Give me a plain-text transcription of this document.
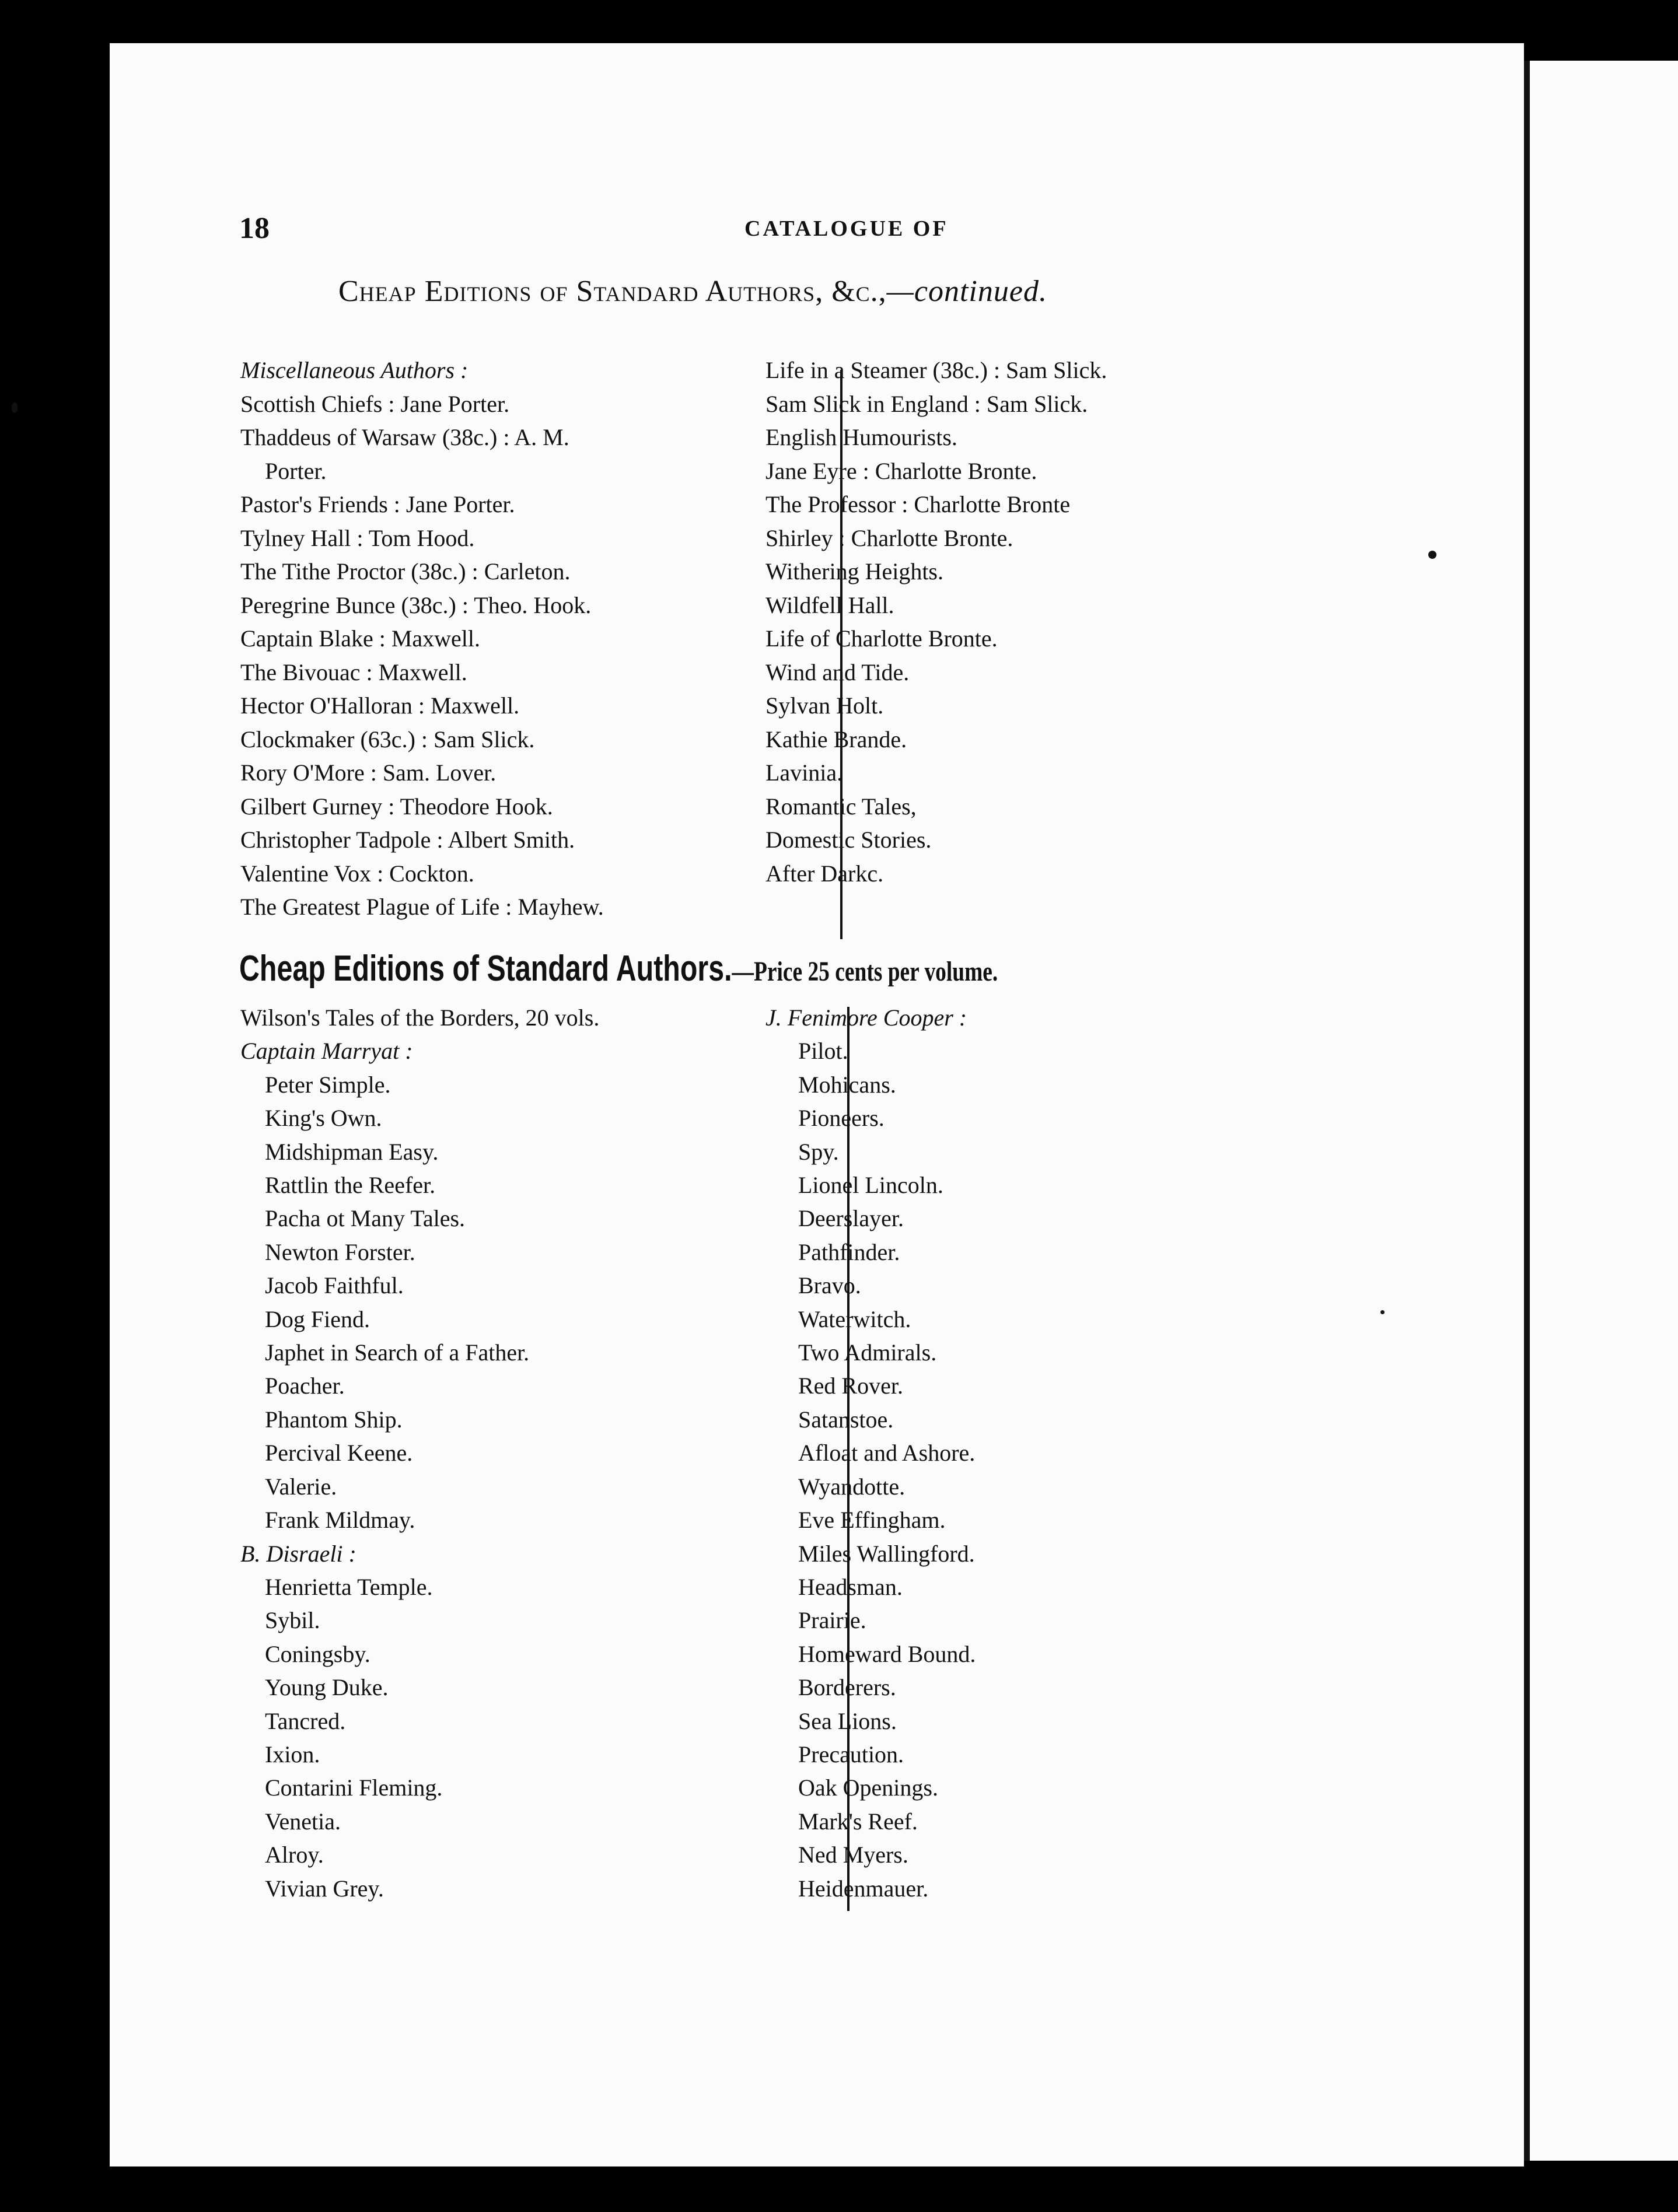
18	CATALOGUE OF
Cheap Editions of Standard Authors, &c.,—continued.
Miscellaneous Authors :
Scottish Chiefs : Jane Porter.
Thaddeus of Warsaw (38c.) : A. M.
Porter.
Pastor's Friends : Jane Porter.
Tylney Hall : Tom Hood.
The Tithe Proctor (38c.) : Carleton.
Peregrine Bunce (38c.) : Theo. Hook.
Captain Blake : Maxwell.
The Bivouac : Maxwell.
Hector O'Halloran : Maxwell.
Clockmaker (63c.) : Sam Slick.
Rory O'More : Sam. Lover.
Gilbert Gurney : Theodore Hook.
Christopher Tadpole : Albert Smith.
Valentine Vox : Cockton.
The Greatest Plague of Life : Mayhew.
Life in a Steamer (38c.) : Sam Slick.
Sam Slick in England : Sam Slick.
English Humourists.
Jane Eyre : Charlotte Bronte.
The Professor : Charlotte Bronte
Shirley : Charlotte Bronte.
Withering Heights.
Wildfell Hall.
Life of Charlotte Bronte.
Wind and Tide.
Sylvan Holt.
Kathie Brande.
Lavinia.
Romantic Tales,
Domestic Stories.
After Darkc.
Cheap Editions of Standard Authors.—Price 25 cents per volume.
Wilson's Tales of the Borders, 20 vols.
Captain Marryat :
Peter Simple.
King's Own.
Midshipman Easy.
Rattlin the Reefer.
Pacha ot Many Tales.
Newton Forster.
Jacob Faithful.
Dog Fiend.
Japhet in Search of a Father.
Poacher.
Phantom Ship.
Percival Keene.
Valerie.
Frank Mildmay.
B. Disraeli :
Henrietta Temple.
Sybil.
Coningsby.
Young Duke.
Tancred.
Ixion.
Contarini Fleming.
Venetia.
Alroy.
Vivian Grey.
J. Fenimore Cooper :
Pilot.
Mohicans.
Pioneers.
Spy.
Lionel Lincoln.
Deerslayer.
Pathfinder.
Bravo.
Waterwitch.
Two Admirals.
Red Rover.
Satanstoe.
Afloat and Ashore.
Wyandotte.
Eve Effingham.
Miles Wallingford.
Headsman.
Prairie.
Homeward Bound.
Borderers.
Sea Lions.
Precaution.
Oak Openings.
Mark's Reef.
Ned Myers.
Heidenmauer.
